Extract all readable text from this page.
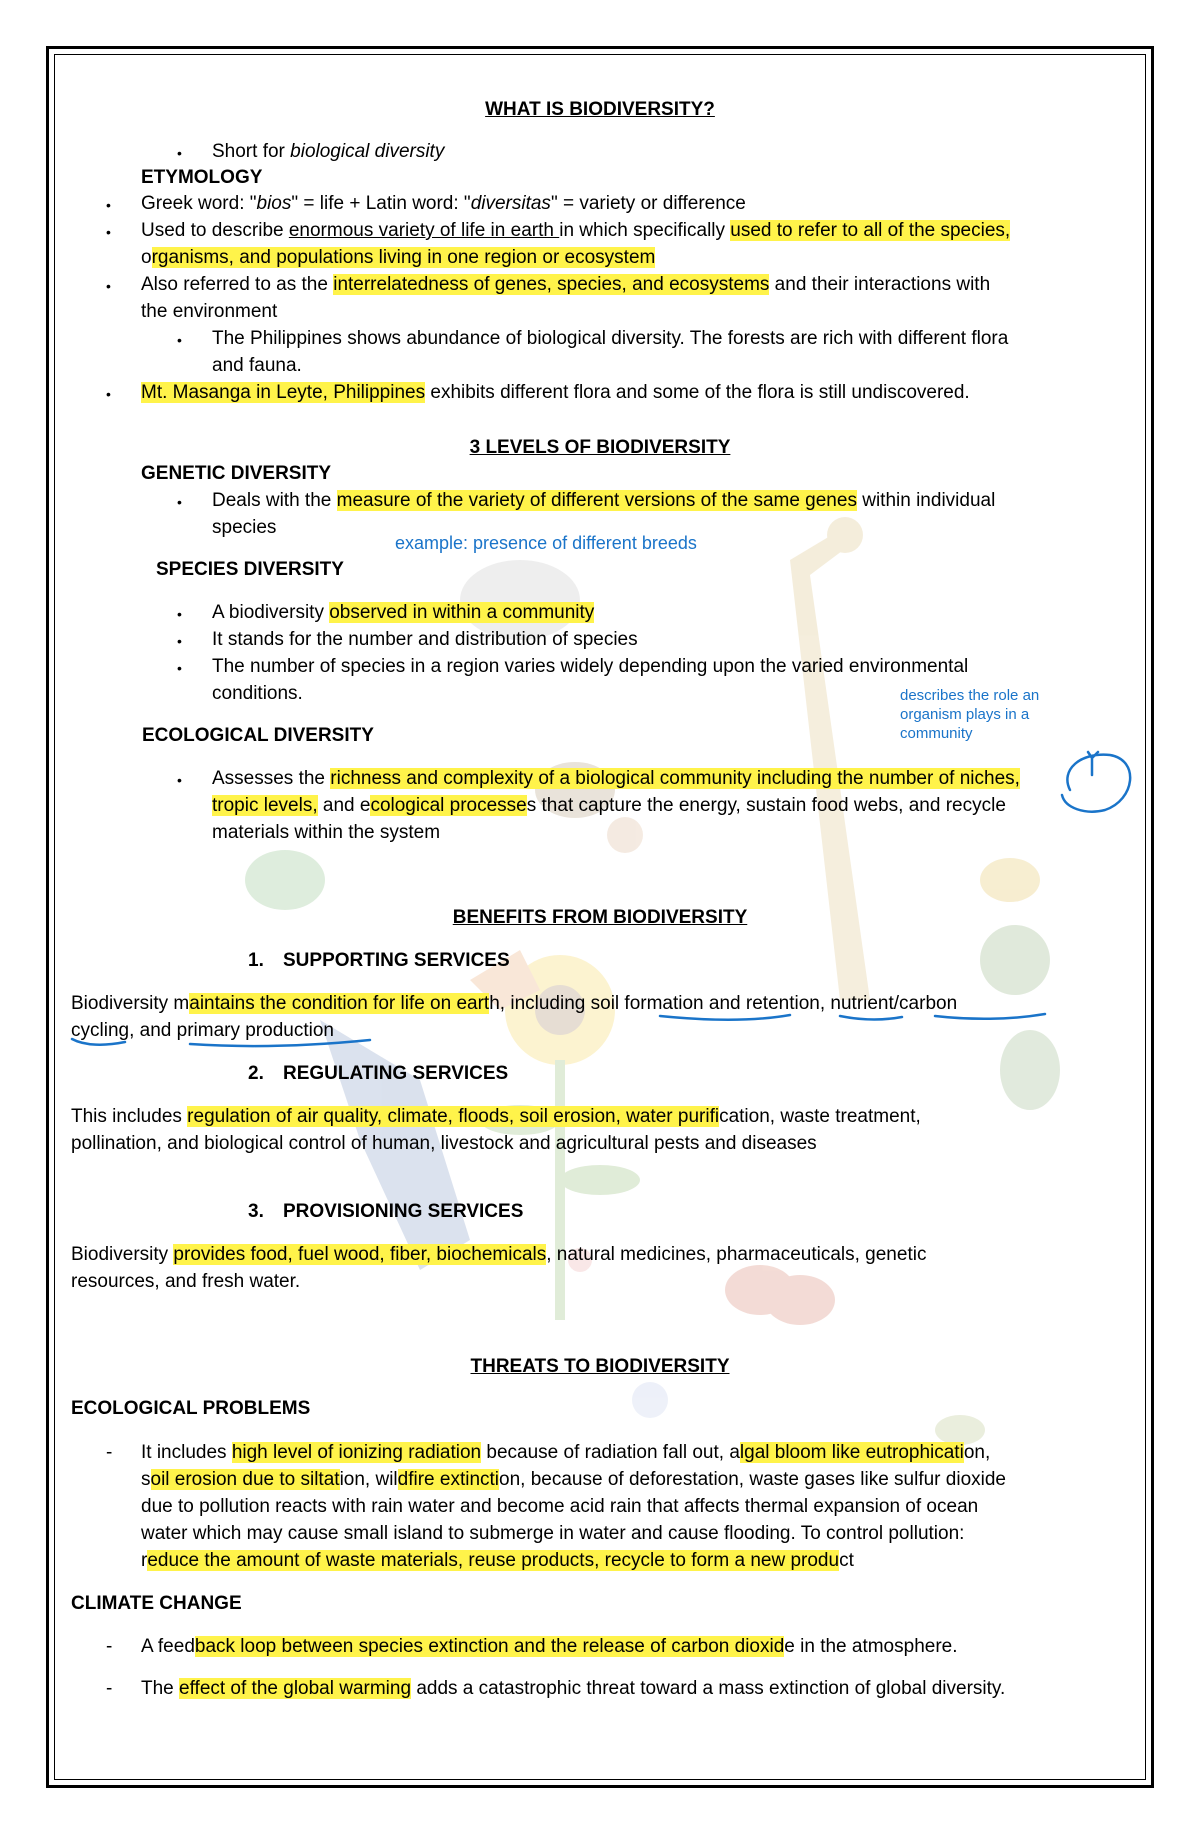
WHAT IS BIODIVERSITY?
• Short for biological diversity
ETYMOLOGY
• Greek word: "bios" = life + Latin word: "diversitas" = variety or difference
• Used to describe enormous variety of life in earth in which specifically used to refer to all of the species,
organisms, and populations living in one region or ecosystem
• Also referred to as the interrelatedness of genes, species, and ecosystems and their interactions with
the environment
• The Philippines shows abundance of biological diversity. The forests are rich with different flora
and fauna.
• Mt. Masanga in Leyte, Philippines exhibits different flora and some of the flora is still undiscovered.
3 LEVELS OF BIODIVERSITY
GENETIC DIVERSITY
• Deals with the measure of the variety of different versions of the same genes within individual
species
example: presence of different breeds
SPECIES DIVERSITY
• A biodiversity observed in within a community
• It stands for the number and distribution of species
• The number of species in a region varies widely depending upon the varied environmental
conditions.	describes the role an
organism plays in a
community
ECOLOGICAL DIVERSITY
• Assesses the richness and complexity of a biological community including the number of niches,
tropic levels, and ecological processes that capture the energy, sustain food webs, and recycle
materials within the system
BENEFITS FROM BIODIVERSITY
1. SUPPORTING SERVICES
Biodiversity maintains the condition for life on earth, including soil formation and retention, nutrient/carbon
cycling, and primary production
2. REGULATING SERVICES
This includes regulation of air quality, climate, floods, soil erosion, water purification, waste treatment,
pollination, and biological control of human, livestock and agricultural pests and diseases
3. PROVISIONING SERVICES
Biodiversity provides food, fuel wood, fiber, biochemicals, natural medicines, pharmaceuticals, genetic
resources, and fresh water.
THREATS TO BIODIVERSITY
ECOLOGICAL PROBLEMS
- It includes high level of ionizing radiation because of radiation fall out, algal bloom like eutrophication,
soil erosion due to siltation, wildfire extinction, because of deforestation, waste gases like sulfur dioxide
due to pollution reacts with rain water and become acid rain that affects thermal expansion of ocean
water which may cause small island to submerge in water and cause flooding. To control pollution:
reduce the amount of waste materials, reuse products, recycle to form a new product
CLIMATE CHANGE
- A feedback loop between species extinction and the release of carbon dioxide in the atmosphere.
- The effect of the global warming adds a catastrophic threat toward a mass extinction of global diversity.
